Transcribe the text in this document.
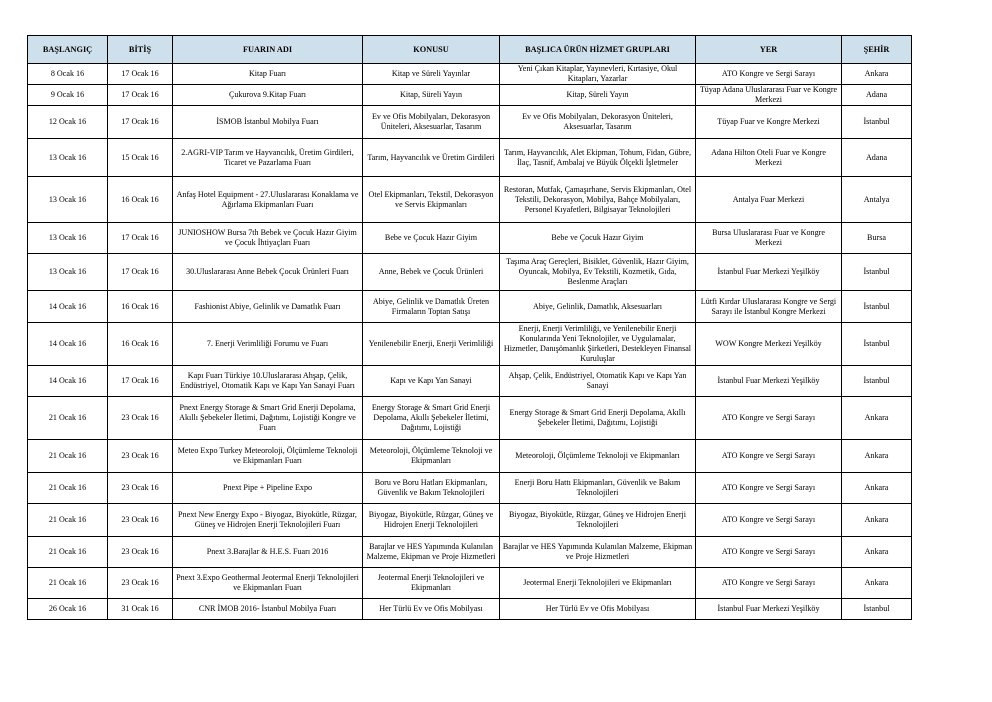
BAŞLANGIÇ	BİTİŞ	FUARIN ADI	KONUSU	BAŞLICA ÜRÜN HİZMET GRUPLARI	YER	ŞEHİR
8 Ocak 16	17 Ocak 16	Kitap Fuarı	Kitap ve Süreli Yayınlar	Yeni Çıkan Kitaplar, Yayınevleri, Kırtasiye, Okul Kitapları, Yazarlar	ATO Kongre ve Sergi Sarayı	Ankara
9 Ocak 16	17 Ocak 16	Çukurova 9.Kitap Fuarı	Kitap, Süreli Yayın	Kitap, Süreli Yayın	Tüyap Adana Uluslararası Fuar ve Kongre Merkezi	Adana
12 Ocak 16	17 Ocak 16	İSMOB İstanbul Mobilya Fuarı	Ev ve Ofis Mobilyaları, Dekorasyon Üniteleri, Aksesuarlar, Tasarım	Ev ve Ofis Mobilyaları, Dekorasyon Üniteleri, Aksesuarlar, Tasarım	Tüyap Fuar ve Kongre Merkezi	İstanbul
13 Ocak 16	15 Ocak 16	2.AGRI-VIP Tarım ve Hayvancılık, Üretim Girdileri, Ticaret ve Pazarlama Fuarı	Tarım, Hayvancılık ve Üretim Girdileri	Tarım, Hayvancılık, Alet Ekipman, Tohum, Fidan, Gübre, İlaç, Tasnif, Ambalaj ve Büyük Ölçekli İşletmeler	Adana Hilton Oteli Fuar ve Kongre Merkezi	Adana
13 Ocak 16	16 Ocak 16	Anfaş Hotel Equipment - 27.Uluslararası Konaklama ve Ağırlama Ekipmanları Fuarı	Otel Ekipmanları, Tekstil, Dekorasyon ve Servis Ekipmanları	Restoran, Mutfak, Çamaşırhane, Servis Ekipmanları, Otel Tekstili, Dekorasyon, Mobilya, Bahçe Mobilyaları, Personel Kıyafetleri, Bilgisayar Teknolojileri	Antalya Fuar Merkezi	Antalya
13 Ocak 16	17 Ocak 16	JUNIOSHOW Bursa 7th Bebek ve Çocuk Hazır Giyim ve Çocuk İhtiyaçları Fuarı	Bebe ve Çocuk Hazır Giyim	Bebe ve Çocuk Hazır Giyim	Bursa Uluslararası Fuar ve Kongre Merkezi	Bursa
13 Ocak 16	17 Ocak 16	30.Uluslararası Anne Bebek Çocuk Ürünleri Fuarı	Anne, Bebek ve Çocuk Ürünleri	Taşıma Araç Gereçleri, Bisiklet, Güvenlik, Hazır Giyim, Oyuncak, Mobilya, Ev Tekstili, Kozmetik, Gıda, Beslenme Araçları	İstanbul Fuar Merkezi Yeşilköy	İstanbul
14 Ocak 16	16 Ocak 16	Fashionist Abiye, Gelinlik ve Damatlık Fuarı	Abiye, Gelinlik ve Damatlık Üreten Firmaların Toptan Satışı	Abiye, Gelinlik, Damatlık, Aksesuarları	Lütfi Kırdar Uluslararası Kongre ve Sergi Sarayı ile İstanbul Kongre Merkezi	İstanbul
14 Ocak 16	16 Ocak 16	7. Enerji Verimliliği Forumu ve Fuarı	Yenilenebilir Enerji, Enerji Verimliliği	Enerji, Enerji Verimliliği, ve Yenilenebilir Enerji Konularında Yeni Teknolojiler, ve Uygulamalar, Hizmetler, Danışömanlık Şirketleri, Destekleyen Finansal Kuruluşlar	WOW Kongre Merkezi Yeşilköy	İstanbul
14 Ocak 16	17 Ocak 16	Kapı Fuarı Türkiye 10.Uluslararası Ahşap, Çelik, Endüstriyel, Otomatik Kapı ve Kapı Yan Sanayi Fuarı	Kapı ve Kapı Yan Sanayi	Ahşap, Çelik, Endüstriyel, Otomatik Kapı ve Kapı Yan Sanayi	İstanbul Fuar Merkezi Yeşilköy	İstanbul
21 Ocak 16	23 Ocak 16	Pnext Energy Storage & Smart Grid Enerji Depolama, Akıllı Şebekeler İletimi, Dağıtımı, Lojistiği Kongre ve Fuarı	Energy Storage & Smart Grid Enerji Depolama, Akıllı Şebekeler İletimi, Dağıtımı, Lojistiği	Energy Storage & Smart Grid Enerji Depolama, Akıllı Şebekeler İletimi, Dağıtımı, Lojistiği	ATO Kongre ve Sergi Sarayı	Ankara
21 Ocak 16	23 Ocak 16	Meteo Expo Turkey Meteoroloji, Ölçümleme Teknoloji ve Ekipmanları Fuarı	Meteoroloji, Ölçümleme Teknoloji ve Ekipmanları	Meteoroloji, Ölçümleme Teknoloji ve Ekipmanları	ATO Kongre ve Sergi Sarayı	Ankara
21 Ocak 16	23 Ocak 16	Pnext Pipe + Pipeline Expo	Boru ve Boru Hatları Ekipmanları, Güvenlik ve Bakım Teknolojileri	Enerji Boru Hattı Ekipmanları, Güvenlik ve Bakım Teknolojileri	ATO Kongre ve Sergi Sarayı	Ankara
21 Ocak 16	23 Ocak 16	Pnext New Energy Expo - Biyogaz, Biyokütle, Rüzgar, Güneş ve Hidrojen Enerji Teknolojileri Fuarı	Biyogaz, Biyokütle, Rüzgar, Güneş ve Hidrojen Enerji Teknolojileri	Biyogaz, Biyokütle, Rüzgar, Güneş ve Hidrojen Enerji Teknolojileri	ATO Kongre ve Sergi Sarayı	Ankara
21 Ocak 16	23 Ocak 16	Pnext 3.Barajlar & H.E.S. Fuarı 2016	Barajlar ve HES Yapımında Kulanılan Malzeme, Ekipman ve Proje Hizmetleri	Barajlar ve HES Yapımında Kulanılan Malzeme, Ekipman ve Proje Hizmetleri	ATO Kongre ve Sergi Sarayı	Ankara
21 Ocak 16	23 Ocak 16	Pnext 3.Expo Geothermal Jeotermal Enerji Teknolojileri ve Ekipmanları Fuarı	Jeotermal Enerji Teknolojileri ve Ekipmanları	Jeotermal Enerji Teknolojileri ve Ekipmanları	ATO Kongre ve Sergi Sarayı	Ankara
26 Ocak 16	31 Ocak 16	CNR İMOB 2016- İstanbul Mobilya Fuarı	Her Türlü Ev ve Ofis Mobilyası	Her Türlü Ev ve Ofis Mobilyası	İstanbul Fuar Merkezi Yeşilköy	İstanbul
